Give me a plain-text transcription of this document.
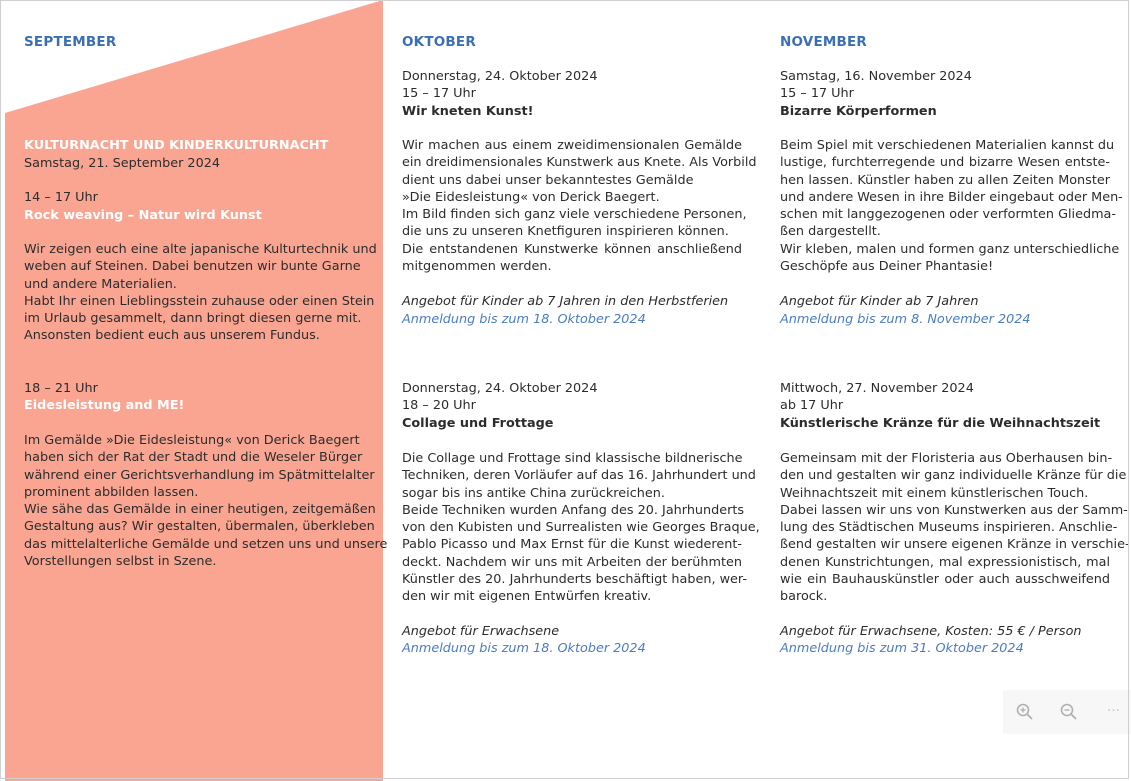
SEPTEMBER
KULTURNACHT UND KINDERKULTURNACHT
Samstag, 21. September 2024
14 – 17 Uhr
Rock weaving – Natur wird Kunst
Wir zeigen euch eine alte japanische Kulturtechnik und
weben auf Steinen. Dabei benutzen wir bunte Garne
und andere Materialien.
Habt Ihr einen Lieblingsstein zuhause oder einen Stein
im Urlaub gesammelt, dann bringt diesen gerne mit.
Ansonsten bedient euch aus unserem Fundus.
18 – 21 Uhr
Eidesleistung and ME!
Im Gemälde »Die Eidesleistung« von Derick Baegert
haben sich der Rat der Stadt und die Weseler Bürger
während einer Gerichtsverhandlung im Spätmittelalter
prominent abbilden lassen.
Wie sähe das Gemälde in einer heutigen, zeitgemäßen
Gestaltung aus? Wir gestalten, übermalen, überkleben
das mittelalterliche Gemälde und setzen uns und unsere
Vorstellungen selbst in Szene.
OKTOBER
Donnerstag, 24. Oktober 2024
15 – 17 Uhr
Wir kneten Kunst!
Wir machen aus einem zweidimensionalen Gemälde
ein dreidimensionales Kunstwerk aus Knete. Als Vorbild
dient uns dabei unser bekanntestes Gemälde
»Die Eidesleistung« von Derick Baegert.
Im Bild finden sich ganz viele verschiedene Personen,
die uns zu unseren Knetfiguren inspirieren können.
Die entstandenen Kunstwerke können anschließend
mitgenommen werden.
Angebot für Kinder ab 7 Jahren in den Herbstferien
Anmeldung bis zum 18. Oktober 2024
Donnerstag, 24. Oktober 2024
18 – 20 Uhr
Collage und Frottage
Die Collage und Frottage sind klassische bildnerische
Techniken, deren Vorläufer auf das 16. Jahrhundert und
sogar bis ins antike China zurückreichen.
Beide Techniken wurden Anfang des 20. Jahrhunderts
von den Kubisten und Surrealisten wie Georges Braque,
Pablo Picasso und Max Ernst für die Kunst wiederent-
deckt. Nachdem wir uns mit Arbeiten der berühmten
Künstler des 20. Jahrhunderts beschäftigt haben, wer-
den wir mit eigenen Entwürfen kreativ.
Angebot für Erwachsene
Anmeldung bis zum 18. Oktober 2024
NOVEMBER
Samstag, 16. November 2024
15 – 17 Uhr
Bizarre Körperformen
Beim Spiel mit verschiedenen Materialien kannst du
lustige, furchterregende und bizarre Wesen entste-
hen lassen. Künstler haben zu allen Zeiten Monster
und andere Wesen in ihre Bilder eingebaut oder Men-
schen mit langgezogenen oder verformten Gliedma-
ßen dargestellt.
Wir kleben, malen und formen ganz unterschiedliche
Geschöpfe aus Deiner Phantasie!
Angebot für Kinder ab 7 Jahren
Anmeldung bis zum 8. November 2024
Mittwoch, 27. November 2024
ab 17 Uhr
Künstlerische Kränze für die Weihnachtszeit
Gemeinsam mit der Floristeria aus Oberhausen bin-
den und gestalten wir ganz individuelle Kränze für die
Weihnachtszeit mit einem künstlerischen Touch.
Dabei lassen wir uns von Kunstwerken aus der Samm-
lung des Städtischen Museums inspirieren. Anschlie-
ßend gestalten wir unsere eigenen Kränze in verschie-
denen Kunstrichtungen, mal expressionistisch, mal
wie ein Bauhauskünstler oder auch ausschweifend
barock.
Angebot für Erwachsene, Kosten: 55 € / Person
Anmeldung bis zum 31. Oktober 2024
…
